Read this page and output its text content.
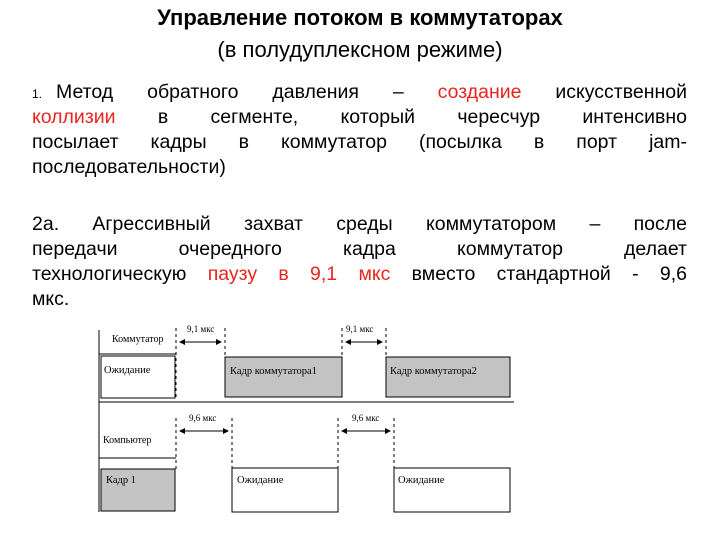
Управление потоком в коммутаторах
(в полудуплексном режиме)
1. Метод обратного давления – создание искусственной
коллизии в сегменте, который чересчур интенсивно
посылает кадры в коммутатор (посылка в порт jam-
последовательности)
2а. Агрессивный захват среды коммутатором – после
передачи очередного кадра коммутатор делает
технологическую паузу в 9,1 мкс вместо стандартной - 9,6
мкс.
Коммутатор
Ожидание	Кадр коммутатора1	Кадр коммутатора2
9,1 мкс	9,1 мкс
Компьютер
Кадр 1	Ожидание	Ожидание
9,6 мкс	9,6 мкс
